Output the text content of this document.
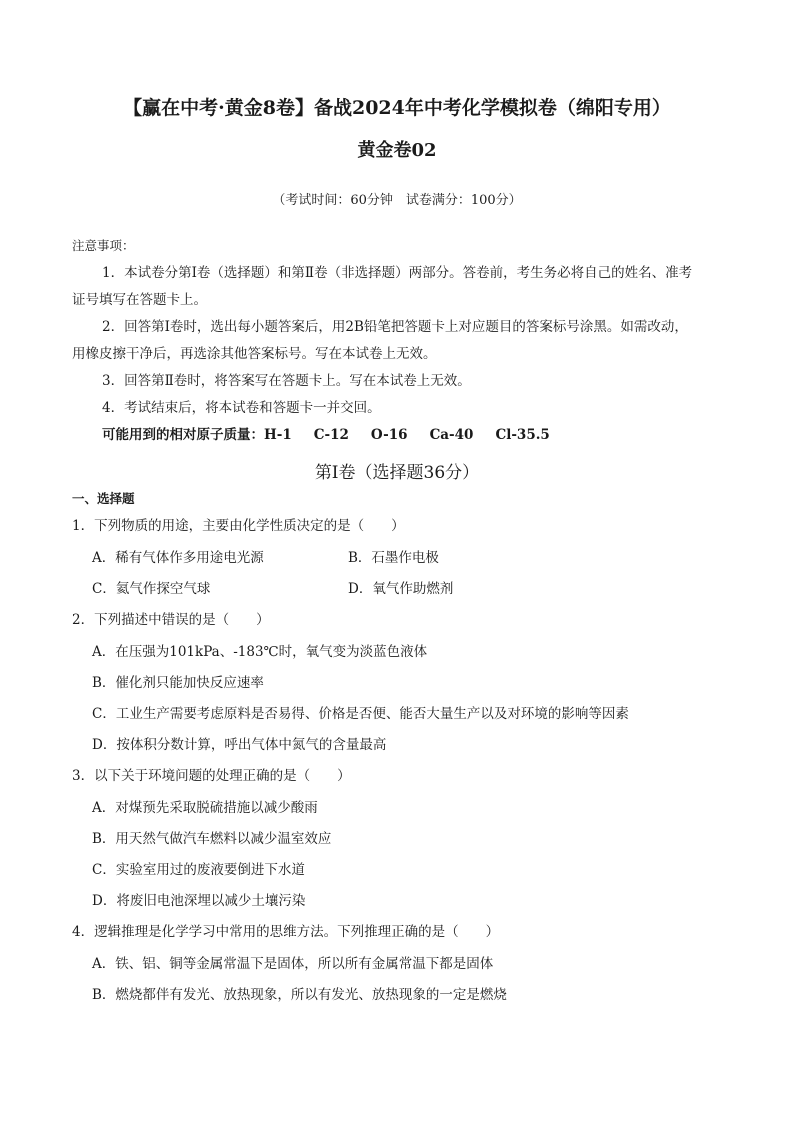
【赢在中考·黄金8卷】备战2024年中考化学模拟卷（绵阳专用）
黄金卷02
（考试时间：60分钟　试卷满分：100分）
注意事项：
1．本试卷分第Ⅰ卷（选择题）和第Ⅱ卷（非选择题）两部分。答卷前，考生务必将自己的姓名、准考
证号填写在答题卡上。
2．回答第Ⅰ卷时，选出每小题答案后，用2B铅笔把答题卡上对应题目的答案标号涂黑。如需改动，
用橡皮擦干净后，再选涂其他答案标号。写在本试卷上无效。
3．回答第Ⅱ卷时，将答案写在答题卡上。写在本试卷上无效。
4．考试结束后，将本试卷和答题卡一并交回。
可能用到的相对原子质量：H-1 C-12 O-16 Ca-40 Cl-35.5
第Ⅰ卷（选择题36分）
一、选择题
1．下列物质的用途，主要由化学性质决定的是（　　）
A．稀有气体作多用途电光源	B．石墨作电极
C．氦气作探空气球	D．氧气作助燃剂
2．下列描述中错误的是（　　）
A．在压强为101kPa、-183℃时，氧气变为淡蓝色液体
B．催化剂只能加快反应速率
C．工业生产需要考虑原料是否易得、价格是否便、能否大量生产以及对环境的影响等因素
D．按体积分数计算，呼出气体中氮气的含量最高
3．以下关于环境问题的处理正确的是（　　）
A．对煤预先采取脱硫措施以减少酸雨
B．用天然气做汽车燃料以减少温室效应
C．实验室用过的废液要倒进下水道
D．将废旧电池深埋以减少土壤污染
4．逻辑推理是化学学习中常用的思维方法。下列推理正确的是（　　）
A．铁、铝、铜等金属常温下是固体，所以所有金属常温下都是固体
B．燃烧都伴有发光、放热现象，所以有发光、放热现象的一定是燃烧
